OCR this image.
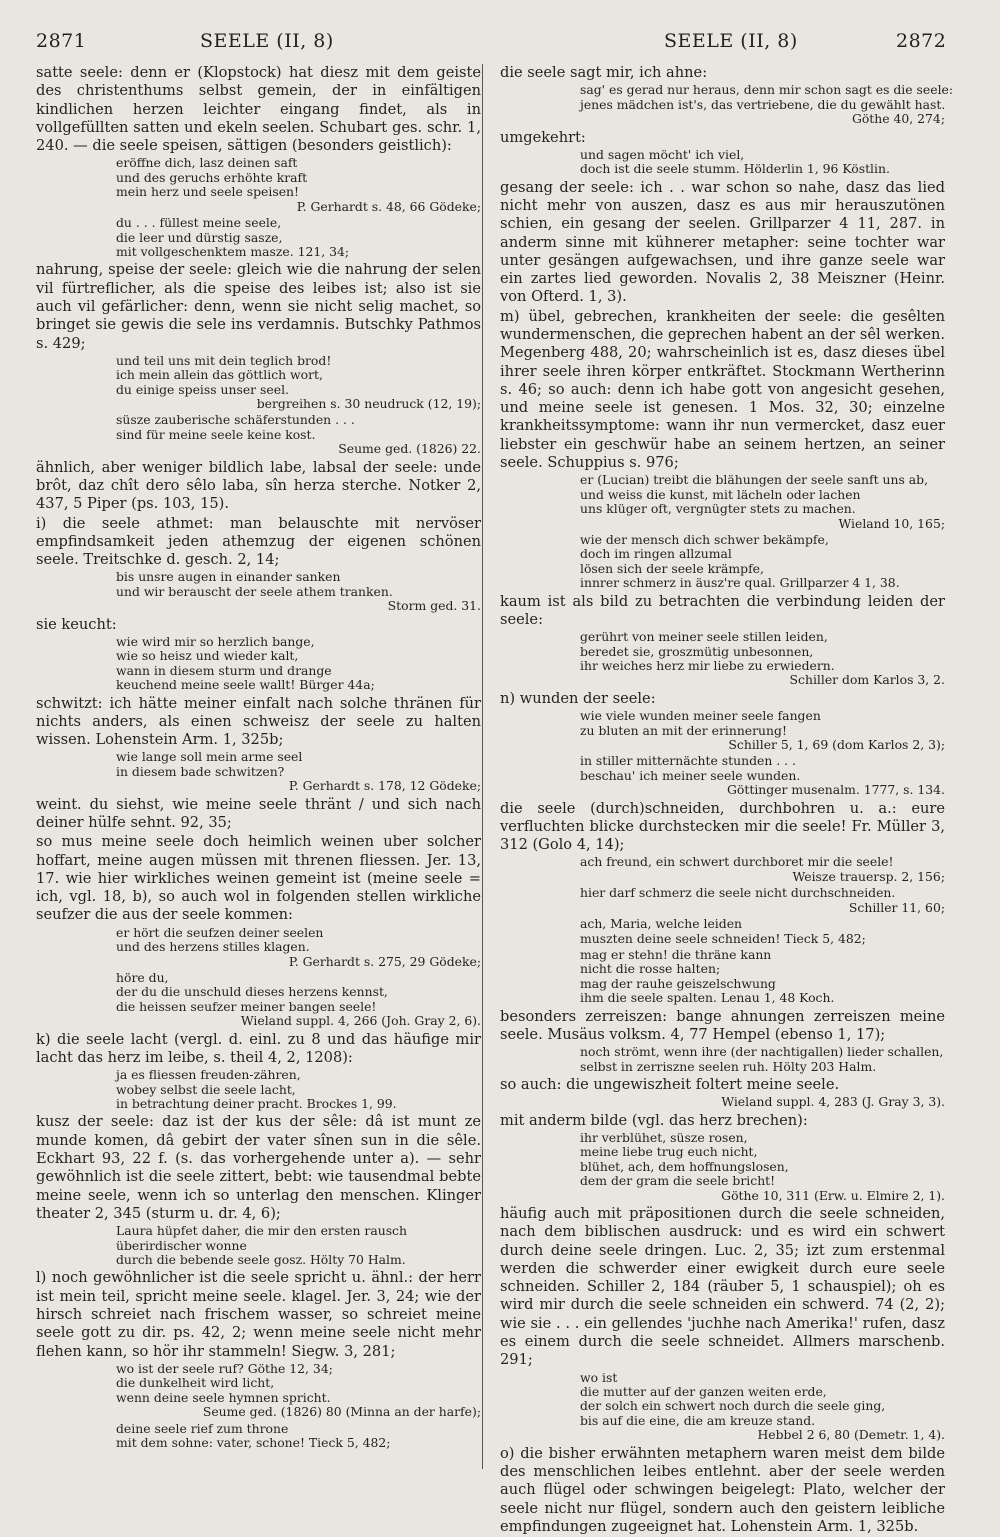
2871	SEELE (II, 8)	SEELE (II, 8)	2872

satte seele: denn er (Klopstock) hat diesz mit dem geiste des christenthums selbst gemein, der in einfältigen kindlichen herzen leichter eingang findet, als in vollgefüllten satten und ekeln seelen. Schubart ges. schr. 1, 240. — die seele speisen, sättigen (besonders geistlich):

eröffne dich, lasz deinen saft
und des geruchs erhöhte kraft
mein herz und seele speisen!
P. Gerhardt s. 48, 66 Gödeke;
du . . . füllest meine seele,
die leer und dürstig sasze,
mit vollgeschenktem masze. 121, 34;

nahrung, speise der seele: gleich wie die nahrung der selen vil fürtreflicher, als die speise des leibes ist; also ist sie auch vil gefärlicher: denn, wenn sie nicht selig machet, so bringet sie gewis die sele ins verdamnis. Butschky Pathmos s. 429;

und teil uns mit dein teglich brod!
ich mein allein das göttlich wort,
du einige speiss unser seel.
bergreihen s. 30 neudruck (12, 19);
süsze zauberische schäferstunden . . .
sind für meine seele keine kost.
Seume ged. (1826) 22.

ähnlich, aber weniger bildlich labe, labsal der seele: unde brôt, daz chît dero sêlo laba, sîn herza sterche. Notker 2, 437, 5 Piper (ps. 103, 15).

i) die seele athmet: man belauschte mit nervöser empfindsamkeit jeden athemzug der eigenen schönen seele. Treitschke d. gesch. 2, 14;

bis unsre augen in einander sanken
und wir berauscht der seele athem tranken.
Storm ged. 31.

sie keucht:

wie wird mir so herzlich bange,
wie so heisz und wieder kalt,
wann in diesem sturm und drange
keuchend meine seele wallt! Bürger 44a;

schwitzt: ich hätte meiner einfalt nach solche thränen für nichts anders, als einen schweisz der seele zu halten wissen. Lohenstein Arm. 1, 325b;

wie lange soll mein arme seel
in diesem bade schwitzen?
P. Gerhardt s. 178, 12 Gödeke;

weint. du siehst, wie meine seele thränt / und sich nach deiner hülfe sehnt. 92, 35;

so mus meine seele doch heimlich weinen uber solcher hoffart, meine augen müssen mit threnen fliessen. Jer. 13, 17. wie hier wirkliches weinen gemeint ist (meine seele = ich, vgl. 18, b), so auch wol in folgenden stellen wirkliche seufzer die aus der seele kommen:

er hört die seufzen deiner seelen
und des herzens stilles klagen.
P. Gerhardt s. 275, 29 Gödeke;
höre du,
der du die unschuld dieses herzens kennst,
die heissen seufzer meiner bangen seele!
Wieland suppl. 4, 266 (Joh. Gray 2, 6).

k) die seele lacht (vergl. d. einl. zu 8 und das häufige mir lacht das herz im leibe, s. theil 4, 2, 1208):

ja es fliessen freuden-zähren,
wobey selbst die seele lacht,
in betrachtung deiner pracht. Brockes 1, 99.

kusz der seele: daz ist der kus der sêle: dâ ist munt ze munde komen, dâ gebirt der vater sînen sun in die sêle. Eckhart 93, 22 f. (s. das vorhergehende unter a). — sehr gewöhnlich ist die seele zittert, bebt: wie tausendmal bebte meine seele, wenn ich so unterlag den menschen. Klinger theater 2, 345 (sturm u. dr. 4, 6);

Laura hüpfet daher, die mir den ersten rausch
überirdischer wonne
durch die bebende seele gosz. Hölty 70 Halm.

l) noch gewöhnlicher ist die seele spricht u. ähnl.: der herr ist mein teil, spricht meine seele. klagel. Jer. 3, 24; wie der hirsch schreiet nach frischem wasser, so schreiet meine seele gott zu dir. ps. 42, 2; wenn meine seele nicht mehr flehen kann, so hör ihr stammeln! Siegw. 3, 281;

wo ist der seele ruf? Göthe 12, 34;
die dunkelheit wird licht,
wenn deine seele hymnen spricht.
Seume ged. (1826) 80 (Minna an der harfe);
deine seele rief zum throne
mit dem sohne: vater, schone! Tieck 5, 482;

die seele sagt mir, ich ahne:

sag' es gerad nur heraus, denn mir schon sagt es die seele:
jenes mädchen ist's, das vertriebene, die du gewählt hast.
Göthe 40, 274;

umgekehrt:

und sagen möcht' ich viel,
doch ist die seele stumm. Hölderlin 1, 96 Köstlin.

gesang der seele: ich . . war schon so nahe, dasz das lied nicht mehr von auszen, dasz es aus mir herauszutönen schien, ein gesang der seelen. Grillparzer 4 11, 287. in anderm sinne mit kühnerer metapher: seine tochter war unter gesängen aufgewachsen, und ihre ganze seele war ein zartes lied geworden. Novalis 2, 38 Meiszner (Heinr. von Ofterd. 1, 3).

m) übel, gebrechen, krankheiten der seele: die gesêlten wundermenschen, die geprechen habent an der sêl werken. Megenberg 488, 20; wahrscheinlich ist es, dasz dieses übel ihrer seele ihren körper entkräftet. Stockmann Wertherinn s. 46; so auch: denn ich habe gott von angesicht gesehen, und meine seele ist genesen. 1 Mos. 32, 30; einzelne krankheitssymptome: wann ihr nun vermercket, dasz euer liebster ein geschwür habe an seinem hertzen, an seiner seele. Schuppius s. 976;

er (Lucian) treibt die blähungen der seele sanft uns ab,
und weiss die kunst, mit lächeln oder lachen
uns klüger oft, vergnügter stets zu machen.
Wieland 10, 165;
wie der mensch dich schwer bekämpfe,
doch im ringen allzumal
lösen sich der seele krämpfe,
innrer schmerz in äusz're qual. Grillparzer 4 1, 38.

kaum ist als bild zu betrachten die verbindung leiden der seele:

gerührt von meiner seele stillen leiden,
beredet sie, groszmütig unbesonnen,
ihr weiches herz mir liebe zu erwiedern.
Schiller dom Karlos 3, 2.

n) wunden der seele:

wie viele wunden meiner seele fangen
zu bluten an mit der erinnerung!
Schiller 5, 1, 69 (dom Karlos 2, 3);
in stiller mitternächte stunden . . .
beschau' ich meiner seele wunden.
Göttinger musenalm. 1777, s. 134.

die seele (durch)schneiden, durchbohren u. a.: eure verfluchten blicke durchstecken mir die seele! Fr. Müller 3, 312 (Golo 4, 14);

ach freund, ein schwert durchboret mir die seele!
Weisze trauersp. 2, 156;
hier darf schmerz die seele nicht durchschneiden.
Schiller 11, 60;
ach, Maria, welche leiden
muszten deine seele schneiden! Tieck 5, 482;
mag er stehn! die thräne kann
nicht die rosse halten;
mag der rauhe geiszelschwung
ihm die seele spalten. Lenau 1, 48 Koch.

besonders zerreiszen: bange ahnungen zerreiszen meine seele. Musäus volksm. 4, 77 Hempel (ebenso 1, 17);

noch strömt, wenn ihre (der nachtigallen) lieder schallen,
selbst in zerrisznе seelen ruh. Hölty 203 Halm.

so auch: die ungewiszheit foltert meine seele.

Wieland suppl. 4, 283 (J. Gray 3, 3).

mit anderm bilde (vgl. das herz brechen):

ihr verblühet, süsze rosen,
meine liebe trug euch nicht,
blühet, ach, dem hoffnungslosen,
dem der gram die seele bricht!
Göthe 10, 311 (Erw. u. Elmire 2, 1).

häufig auch mit präpositionen durch die seele schneiden, nach dem biblischen ausdruck: und es wird ein schwert durch deine seele dringen. Luc. 2, 35; izt zum erstenmal werden die schwerder einer ewigkeit durch eure seele schneiden. Schiller 2, 184 (räuber 5, 1 schauspiel); oh es wird mir durch die seele schneiden ein schwerd. 74 (2, 2); wie sie . . . ein gellendes 'juchhe nach Amerika!' rufen, dasz es einem durch die seele schneidet. Allmers marschenb. 291;

wo ist
die mutter auf der ganzen weiten erde,
der solch ein schwert noch durch die seele ging,
bis auf die eine, die am kreuze stand.
Hebbel 2 6, 80 (Demetr. 1, 4).

o) die bisher erwähnten metaphern waren meist dem bilde des menschlichen leibes entlehnt. aber der seele werden auch flügel oder schwingen beigelegt: Plato, welcher der seele nicht nur flügel, sondern auch den geistern leibliche empfindungen zugeeignet hat. Lohenstein Arm. 1, 325b.
